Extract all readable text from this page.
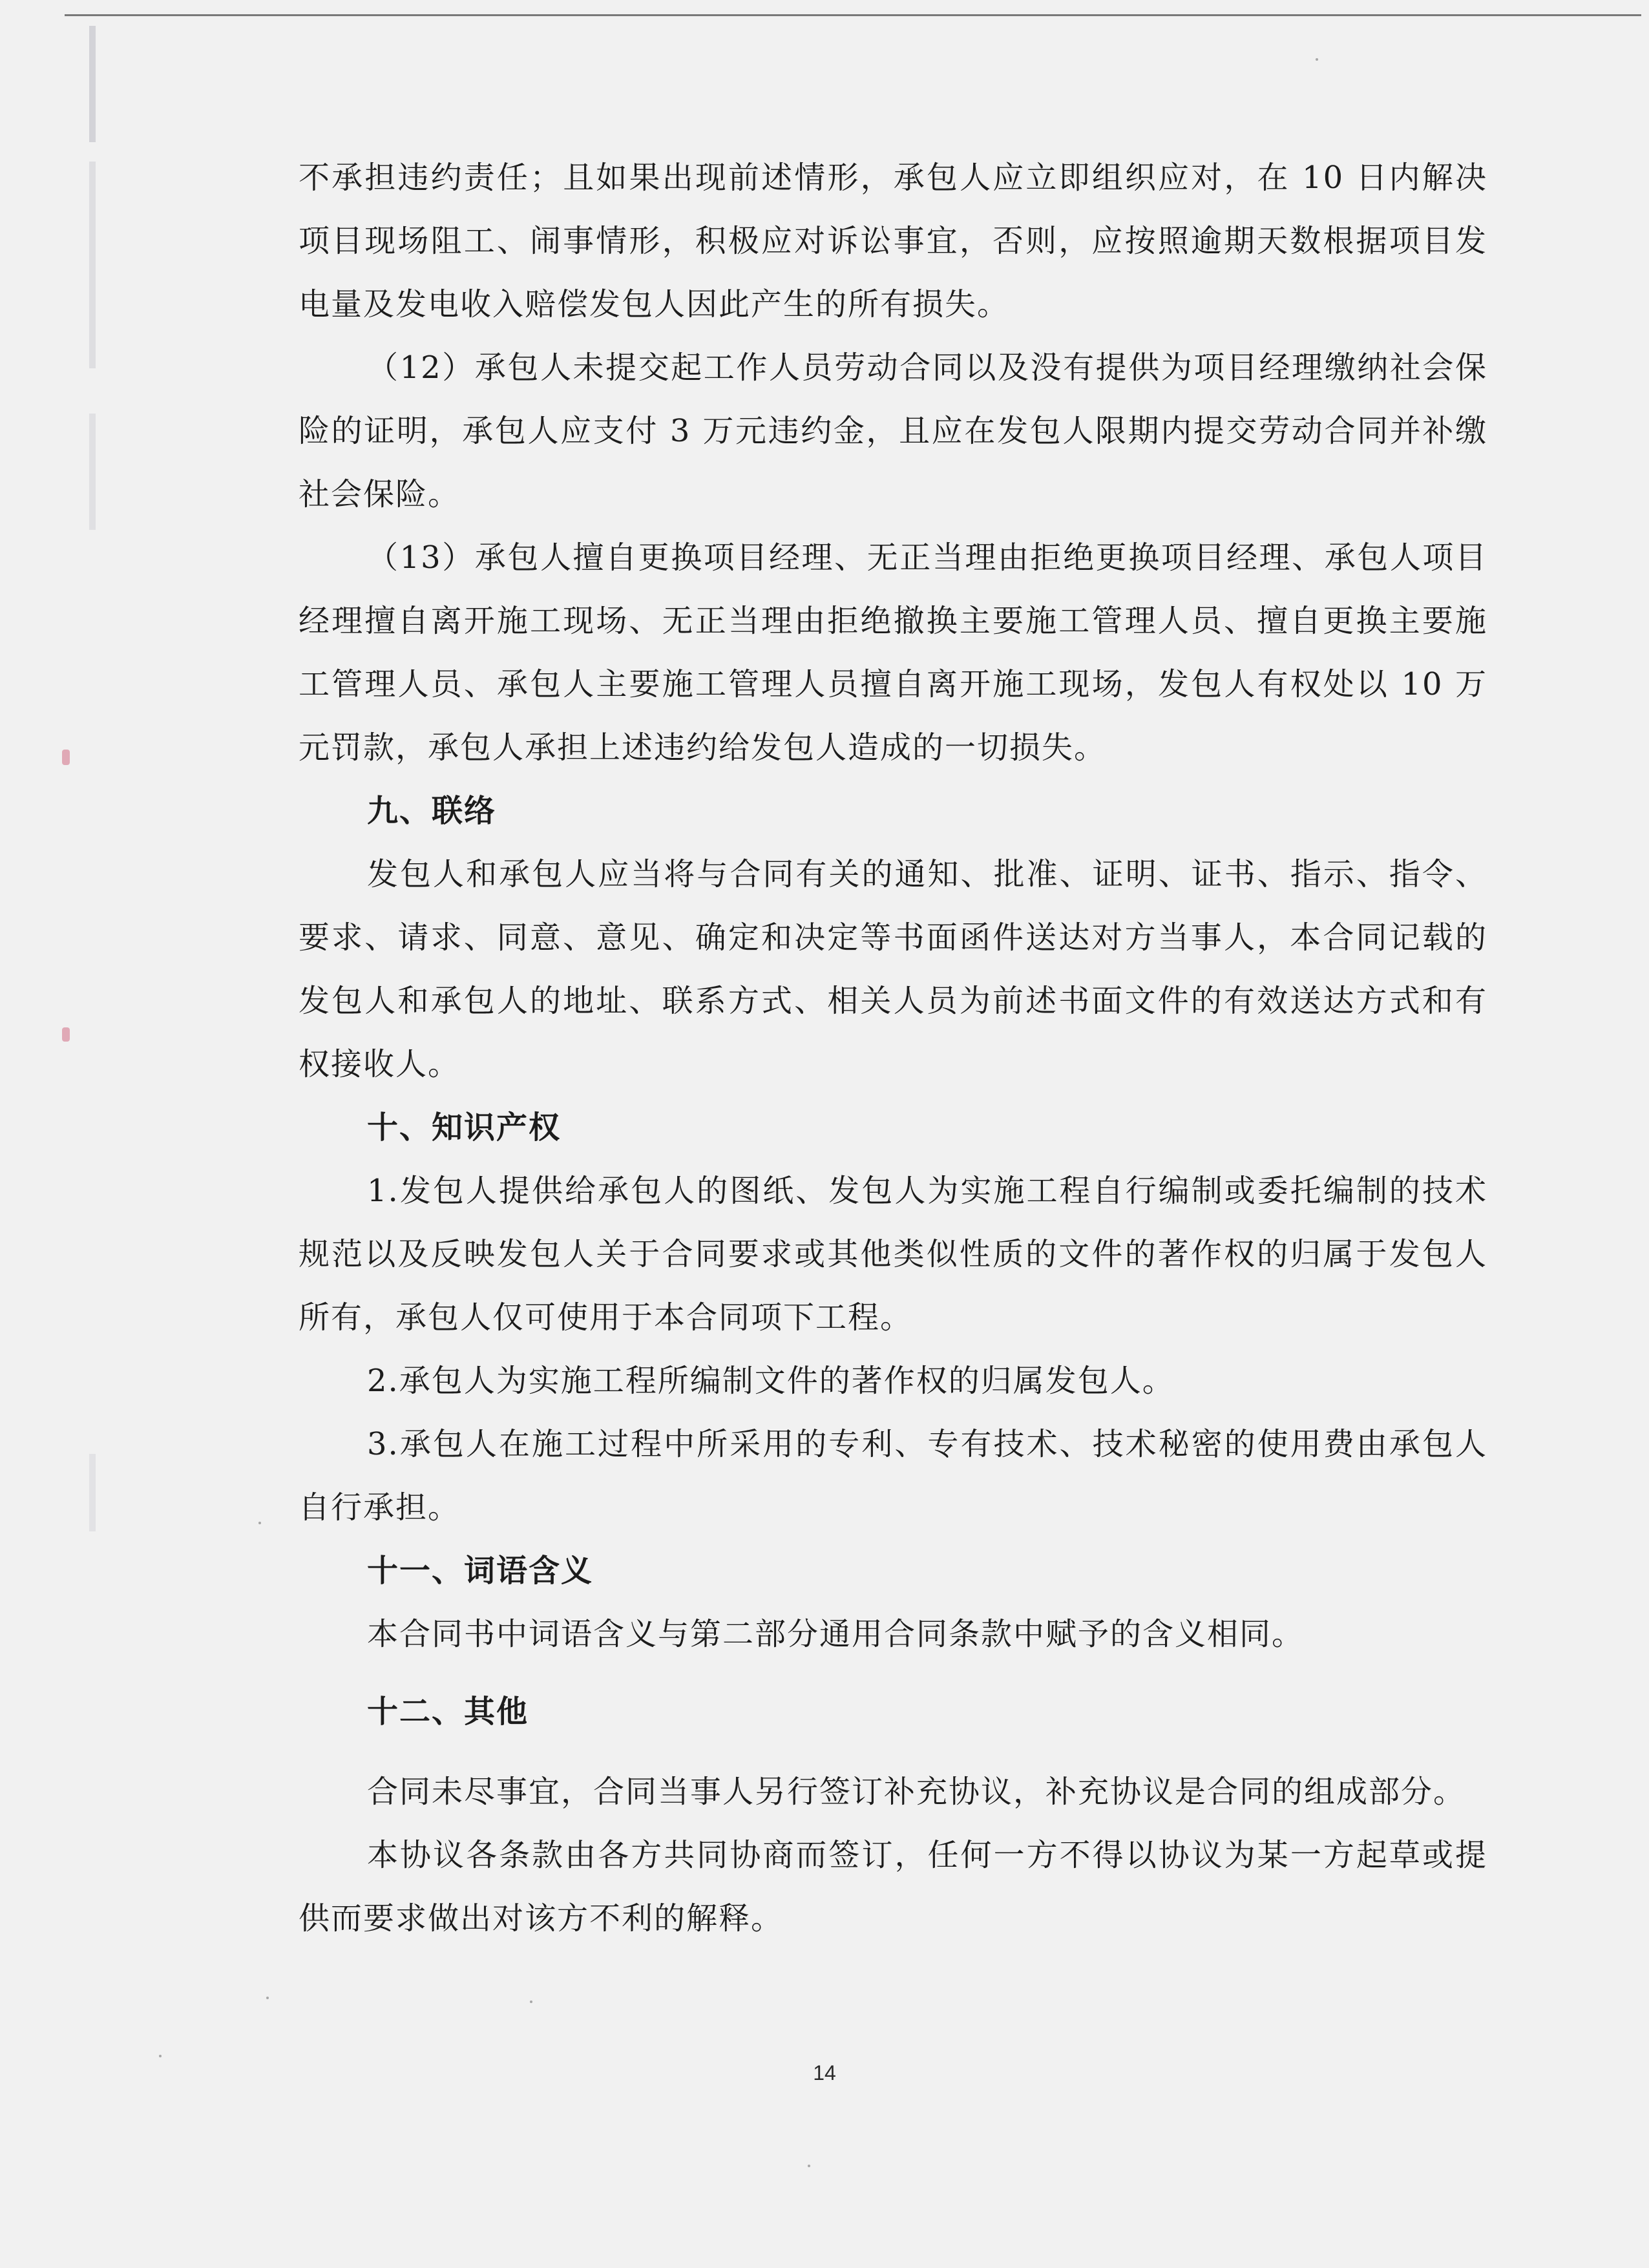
不承担违约责任；且如果出现前述情形，承包人应立即组织应对，在 10 日内解决项目现场阻工、闹事情形，积极应对诉讼事宜，否则，应按照逾期天数根据项目发电量及发电收入赔偿发包人因此产生的所有损失。

（12）承包人未提交起工作人员劳动合同以及没有提供为项目经理缴纳社会保险的证明，承包人应支付 3 万元违约金，且应在发包人限期内提交劳动合同并补缴社会保险。

（13）承包人擅自更换项目经理、无正当理由拒绝更换项目经理、承包人项目经理擅自离开施工现场、无正当理由拒绝撤换主要施工管理人员、擅自更换主要施工管理人员、承包人主要施工管理人员擅自离开施工现场，发包人有权处以 10 万元罚款，承包人承担上述违约给发包人造成的一切损失。

九、联络

发包人和承包人应当将与合同有关的通知、批准、证明、证书、指示、指令、要求、请求、同意、意见、确定和决定等书面函件送达对方当事人，本合同记载的发包人和承包人的地址、联系方式、相关人员为前述书面文件的有效送达方式和有权接收人。

十、知识产权

1.发包人提供给承包人的图纸、发包人为实施工程自行编制或委托编制的技术规范以及反映发包人关于合同要求或其他类似性质的文件的著作权的归属于发包人所有，承包人仅可使用于本合同项下工程。

2.承包人为实施工程所编制文件的著作权的归属发包人。

3.承包人在施工过程中所采用的专利、专有技术、技术秘密的使用费由承包人自行承担。

十一、词语含义

本合同书中词语含义与第二部分通用合同条款中赋予的含义相同。

十二、其他

合同未尽事宜，合同当事人另行签订补充协议，补充协议是合同的组成部分。

本协议各条款由各方共同协商而签订，任何一方不得以协议为某一方起草或提供而要求做出对该方不利的解释。

14
